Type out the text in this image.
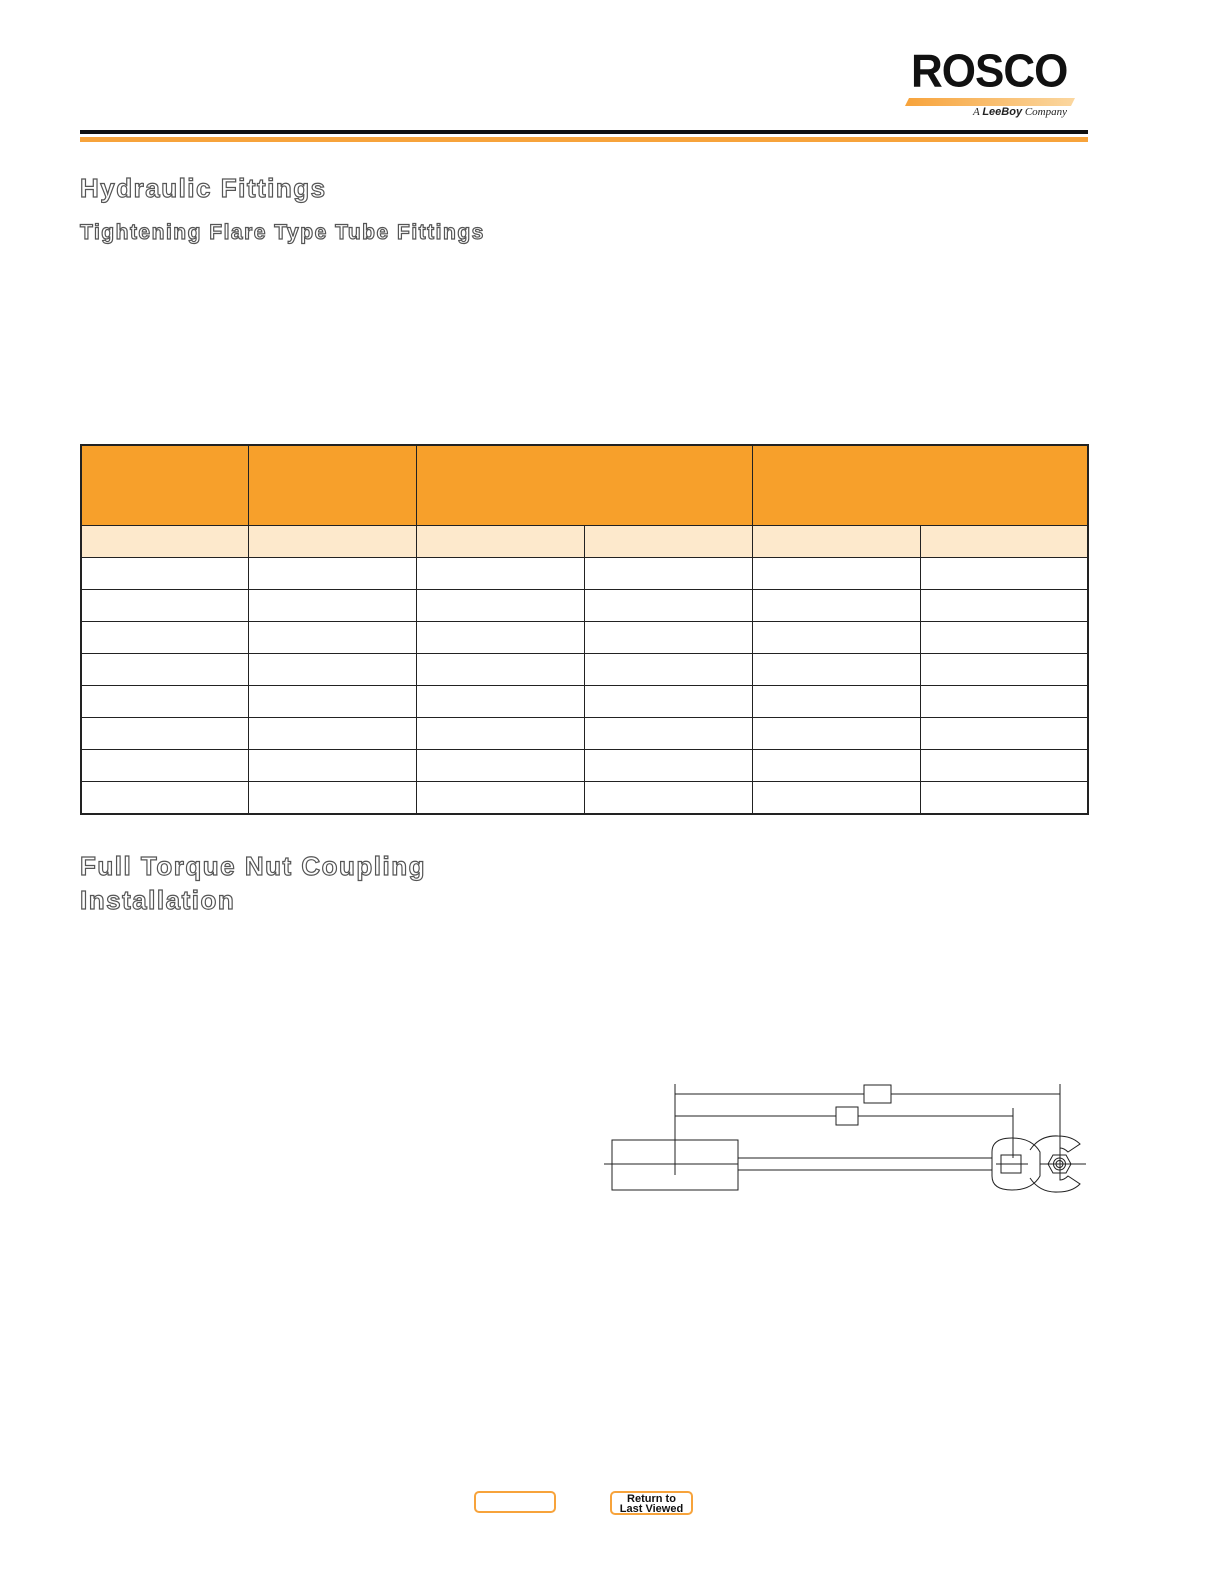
ROSCO
A LeeBoy Company
Hydraulic Fittings
Tightening Flare Type Tube Fittings

Full Torque Nut Coupling
Installation
Return to
Last Viewed
